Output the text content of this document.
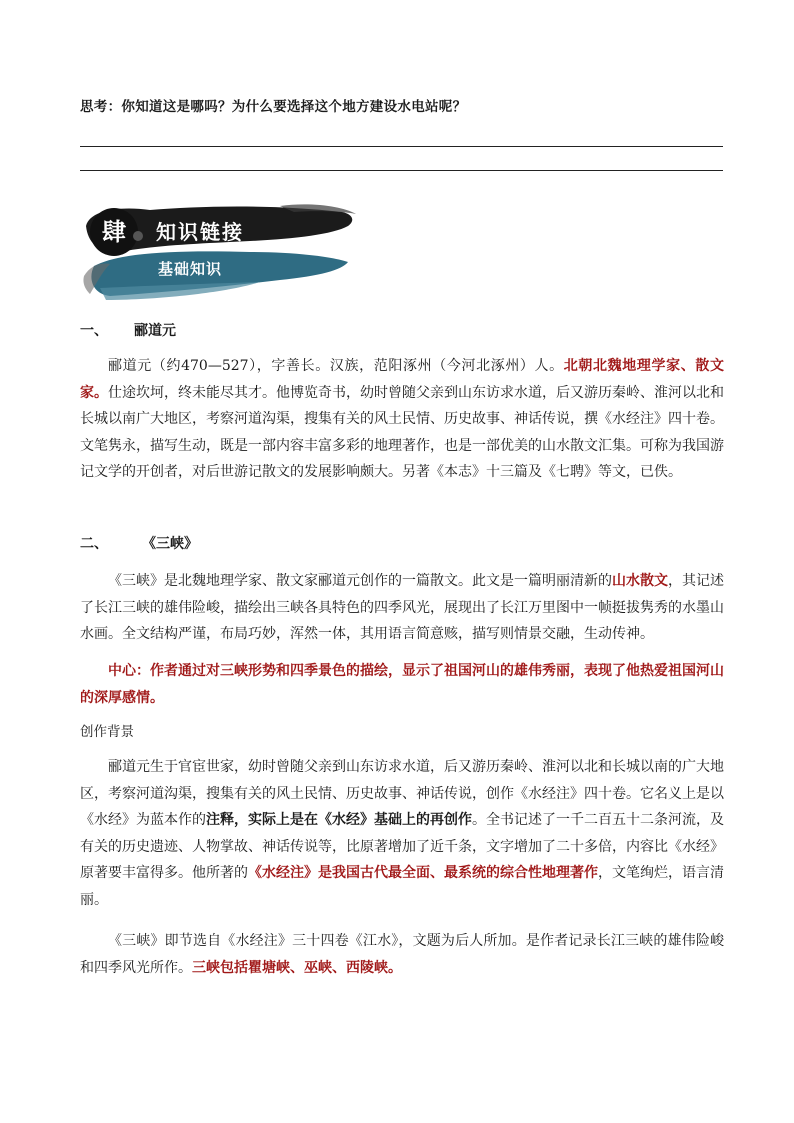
思考：你知道这是哪吗？为什么要选择这个地方建设水电站呢？
肆	知识链接
基础知识
一、 郦道元

郦道元（约470—527），字善长。汉族，范阳涿州（今河北涿州）人。北朝北魏地理学家、散文家。仕途坎坷，终未能尽其才。他博览奇书，幼时曾随父亲到山东访求水道，后又游历秦岭、淮河以北和长城以南广大地区，考察河道沟渠，搜集有关的风土民情、历史故事、神话传说，撰《水经注》四十卷。文笔隽永，描写生动，既是一部内容丰富多彩的地理著作，也是一部优美的山水散文汇集。可称为我国游记文学的开创者，对后世游记散文的发展影响颇大。另著《本志》十三篇及《七聘》等文，已佚。

二、 《三峡》

《三峡》是北魏地理学家、散文家郦道元创作的一篇散文。此文是一篇明丽清新的山水散文，其记述了长江三峡的雄伟险峻，描绘出三峡各具特色的四季风光，展现出了长江万里图中一帧挺拔隽秀的水墨山水画。全文结构严谨，布局巧妙，浑然一体，其用语言简意赅，描写则情景交融，生动传神。

中心：作者通过对三峡形势和四季景色的描绘，显示了祖国河山的雄伟秀丽，表现了他热爱祖国河山的深厚感情。

创作背景

郦道元生于官宦世家，幼时曾随父亲到山东访求水道，后又游历秦岭、淮河以北和长城以南的广大地区，考察河道沟渠，搜集有关的风土民情、历史故事、神话传说，创作《水经注》四十卷。它名义上是以《水经》为蓝本作的注释，实际上是在《水经》基础上的再创作。全书记述了一千二百五十二条河流，及有关的历史遗迹、人物掌故、神话传说等，比原著增加了近千条，文字增加了二十多倍，内容比《水经》原著要丰富得多。他所著的《水经注》是我国古代最全面、最系统的综合性地理著作，文笔绚烂，语言清丽。

《三峡》即节选自《水经注》三十四卷《江水》，文题为后人所加。是作者记录长江三峡的雄伟险峻和四季风光所作。三峡包括瞿塘峡、巫峡、西陵峡。
